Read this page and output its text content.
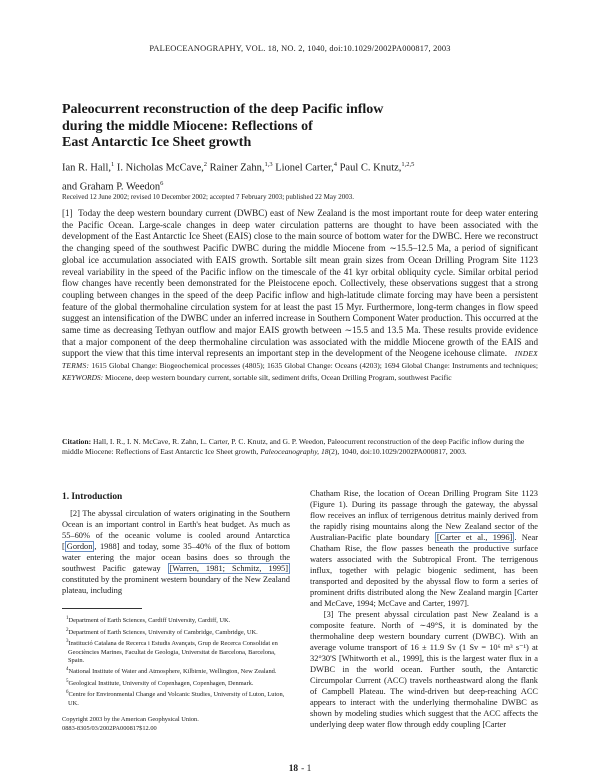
PALEOCEANOGRAPHY, VOL. 18, NO. 2, 1040, doi:10.1029/2002PA000817, 2003
Paleocurrent reconstruction of the deep Pacific inflow
during the middle Miocene: Reflections of
East Antarctic Ice Sheet growth
Ian R. Hall,$^1$ I. Nicholas McCave,$^2$ Rainer Zahn,$^{1,3}$ Lionel Carter,$^4$ Paul C. Knutz,$^{1,2,5}$
and Graham P. Weedon$^6$
Received 12 June 2002; revised 10 December 2002; accepted 7 February 2003; published 22 May 2003.

[1] Today the deep western boundary current (DWBC) east of New Zealand is the most important route for deep water entering the Pacific Ocean. Large-scale changes in deep water circulation patterns are thought to have been associated with the development of the East Antarctic Ice Sheet (EAIS) close to the main source of bottom water for the DWBC. Here we reconstruct the changing speed of the southwest Pacific DWBC during the middle Miocene from ∼15.5–12.5 Ma, a period of significant global ice accumulation associated with EAIS growth. Sortable silt mean grain sizes from Ocean Drilling Program Site 1123 reveal variability in the speed of the Pacific inflow on the timescale of the 41 kyr orbital obliquity cycle. Similar orbital period flow changes have recently been demonstrated for the Pleistocene epoch. Collectively, these observations suggest that a strong coupling between changes in the speed of the deep Pacific inflow and high-latitude climate forcing may have been a persistent feature of the global thermohaline circulation system for at least the past 15 Myr. Furthermore, long-term changes in flow speed suggest an intensification of the DWBC under an inferred increase in Southern Component Water production. This occurred at the same time as decreasing Tethyan outflow and major EAIS growth between ∼15.5 and 13.5 Ma. These results provide evidence that a major component of the deep thermohaline circulation was associated with the middle Miocene growth of the EAIS and support the view that this time interval represents an important step in the development of the Neogene icehouse climate. INDEX TERMS: 1615 Global Change: Biogeochemical processes (4805); 1635 Global Change: Oceans (4203); 1694 Global Change: Instruments and techniques; KEYWORDS: Miocene, deep western boundary current, sortable silt, sediment drifts, Ocean Drilling Program, southwest Pacific

Citation: Hall, I. R., I. N. McCave, R. Zahn, L. Carter, P. C. Knutz, and G. P. Weedon, Paleocurrent reconstruction of the deep Pacific inflow during the middle Miocene: Reflections of East Antarctic Ice Sheet growth, Paleoceanography, 18(2), 1040, doi:10.1029/2002PA000817, 2003.

1. Introduction

[2] The abyssal circulation of waters originating in the Southern Ocean is an important control in Earth's heat budget. As much as 55–60% of the oceanic volume is cooled around Antarctica [ Gordon , 1988] and today, some 35–40% of the flux of bottom water entering the major ocean basins does so through the southwest Pacific gateway [Warren, 1981; Schmitz, 1995] constituted by the prominent western boundary of the New Zealand plateau, including

$^1$Department of Earth Sciences, Cardiff University, Cardiff, UK.

$^2$Department of Earth Sciences, University of Cambridge, Cambridge, UK.

$^3$Institució Catalana de Recerca i Estudis Avançats, Grup de Recerca Consolidat en Geociències Marines, Facultat de Geologia, Universitat de Barcelona, Barcelona, Spain.

$^4$National Institute of Water and Atmosphere, Kilbirnie, Wellington, New Zealand.

$^5$Geological Institute, University of Copenhagen, Copenhagen, Denmark.

$^6$Centre for Environmental Change and Volcanic Studies, University of Luton, Luton, UK.

Copyright 2003 by the American Geophysical Union.
0883-8305/03/2002PA000817$12.00

Chatham Rise, the location of Ocean Drilling Program Site 1123 (Figure 1). During its passage through the gateway, the abyssal flow receives an influx of terrigenous detritus mainly derived from the rapidly rising mountains along the New Zealand sector of the Australian-Pacific plate boundary [Carter et al., 1996] . Near Chatham Rise, the flow passes beneath the productive surface waters associated with the Subtropical Front. The terrigenous influx, together with pelagic biogenic sediment, has been transported and deposited by the abyssal flow to form a series of prominent drifts distributed along the New Zealand margin [Carter and McCave, 1994; McCave and Carter, 1997].

[3] The present abyssal circulation past New Zealand is a composite feature. North of ∼49°S, it is dominated by the thermohaline deep western boundary current (DWBC). With an average volume transport of 16 ± 11.9 Sv (1 Sv = 10⁶ m³ s⁻¹) at 32°30'S [Whitworth et al., 1999], this is the largest water flux in a DWBC in the world ocean. Further south, the Antarctic Circumpolar Current (ACC) travels northeastward along the flank of Campbell Plateau. The wind-driven but deep-reaching ACC appears to interact with the underlying thermohaline DWBC as shown by modeling studies which suggest that the ACC affects the underlying deep water flow through eddy coupling [Carter

18 - 1
